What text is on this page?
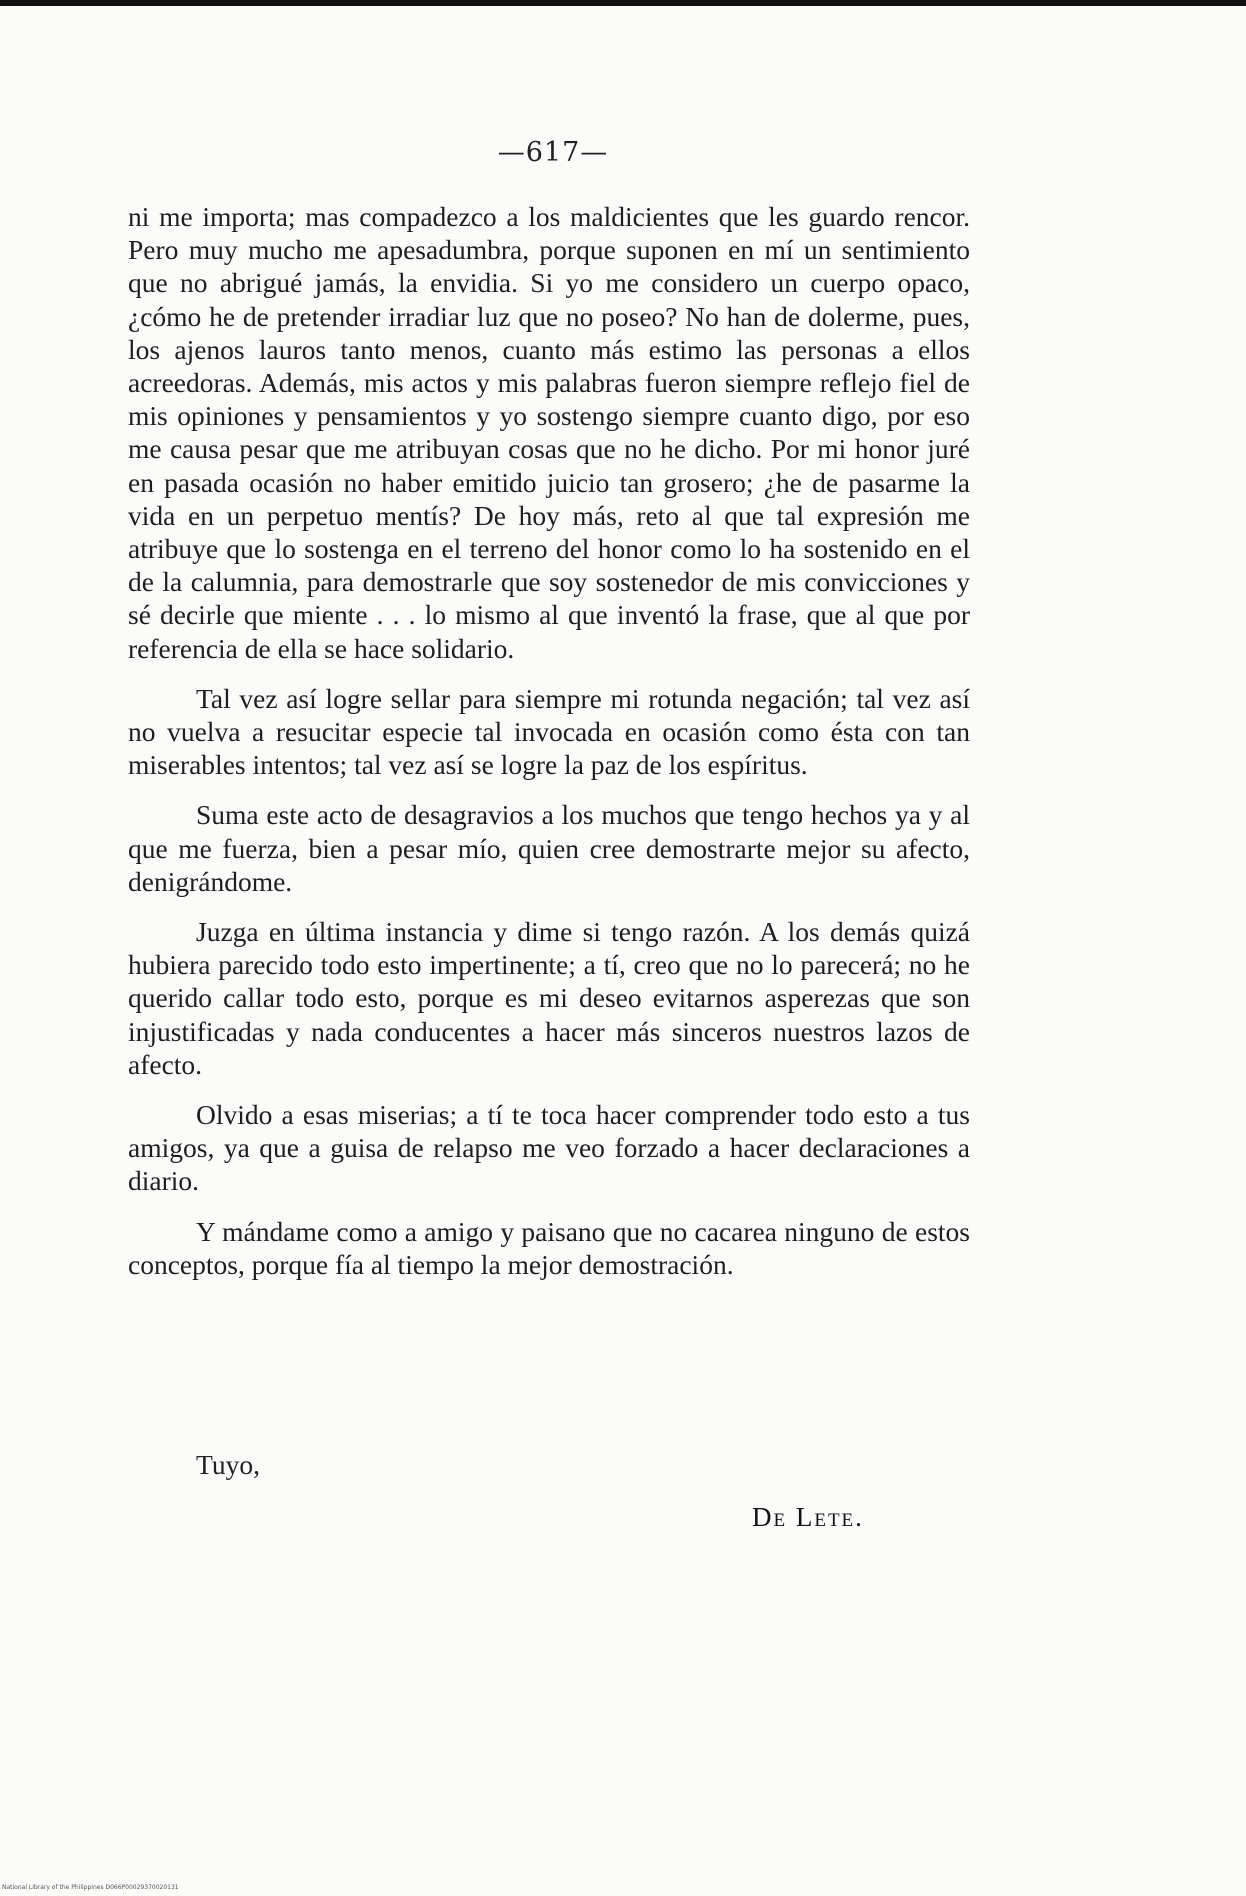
—617—

ni me importa; mas compadezco a los maldicientes que les guardo rencor. Pero muy mucho me apesadumbra, porque suponen en mí un sentimiento que no abrigué jamás, la envidia. Si yo me considero un cuerpo opaco, ¿cómo he de pretender irradiar luz que no poseo? No han de dolerme, pues, los ajenos lauros tanto menos, cuanto más estimo las personas a ellos acreedoras. Además, mis actos y mis palabras fueron siempre reflejo fiel de mis opiniones y pensamientos y yo sostengo siempre cuanto digo, por eso me causa pesar que me atribuyan cosas que no he dicho. Por mi honor juré en pasada ocasión no haber emitido juicio tan grosero; ¿he de pasarme la vida en un perpetuo mentís? De hoy más, reto al que tal expresión me atribuye que lo sostenga en el terreno del honor como lo ha sostenido en el de la calumnia, para demostrarle que soy sostenedor de mis convicciones y sé decirle que miente . . . lo mismo al que inventó la frase, que al que por referencia de ella se hace solidario.

Tal vez así logre sellar para siempre mi rotunda negación; tal vez así no vuelva a resucitar especie tal invocada en ocasión como ésta con tan miserables intentos; tal vez así se logre la paz de los espíritus.

Suma este acto de desagravios a los muchos que tengo hechos ya y al que me fuerza, bien a pesar mío, quien cree demostrarte mejor su afecto, denigrándome.

Juzga en última instancia y dime si tengo razón. A los demás quizá hubiera parecido todo esto impertinente; a tí, creo que no lo parecerá; no he querido callar todo esto, porque es mi deseo evitarnos asperezas que son injustificadas y nada conducentes a hacer más sinceros nuestros lazos de afecto.

Olvido a esas miserias; a tí te toca hacer comprender todo esto a tus amigos, ya que a guisa de relapso me veo forzado a hacer declaraciones a diario.

Y mándame como a amigo y paisano que no cacarea ninguno de estos conceptos, porque fía al tiempo la mejor demostración.

Tuyo,
De Lete.
National Library of the Philippines D066P00029370020131
